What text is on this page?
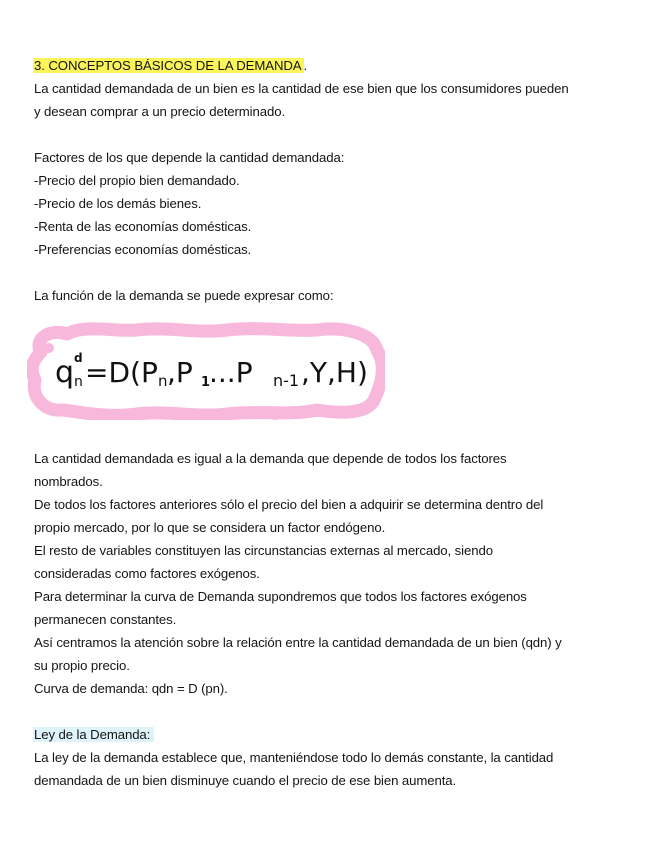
3. CONCEPTOS BÁSICOS DE LA DEMANDA .
La cantidad demandada de un bien es la cantidad de ese bien que los consumidores pueden
y desean comprar a un precio determinado.
Factores de los que depende la cantidad demandada:
-Precio del propio bien demandado.
-Precio de los demás bienes.
-Renta de las economías domésticas.
-Preferencias economías domésticas.
La función de la demanda se puede expresar como:
q d
n =D(P n ,P 1
...P n-1 ,Y,H)
La cantidad demandada es igual a la demanda que depende de todos los factores
nombrados.
De todos los factores anteriores sólo el precio del bien a adquirir se determina dentro del
propio mercado, por lo que se considera un factor endógeno.
El resto de variables constituyen las circunstancias externas al mercado, siendo
consideradas como factores exógenos.
Para determinar la curva de Demanda supondremos que todos los factores exógenos
permanecen constantes.
Así centramos la atención sobre la relación entre la cantidad demandada de un bien (qdn) y
su propio precio.
Curva de demanda: qdn = D (pn).
Ley de la Demanda:
La ley de la demanda establece que, manteniéndose todo lo demás constante, la cantidad
demandada de un bien disminuye cuando el precio de ese bien aumenta.
